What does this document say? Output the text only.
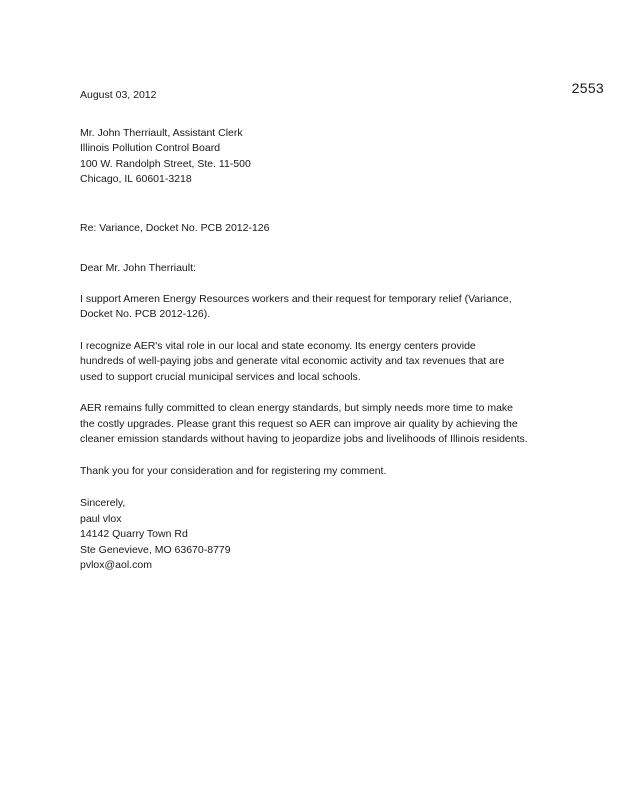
2553
August 03, 2012
Mr. John Therriault, Assistant Clerk
Illinois Pollution Control Board
100 W. Randolph Street, Ste. 11-500
Chicago, IL 60601-3218
Re: Variance, Docket No. PCB 2012-126
Dear Mr. John Therriault:
I support Ameren Energy Resources workers and their request for temporary relief (Variance,
Docket No. PCB 2012-126).
I recognize AER's vital role in our local and state economy. Its energy centers provide
hundreds of well-paying jobs and generate vital economic activity and tax revenues that are
used to support crucial municipal services and local schools.
AER remains fully committed to clean energy standards, but simply needs more time to make
the costly upgrades. Please grant this request so AER can improve air quality by achieving the
cleaner emission standards without having to jeopardize jobs and livelihoods of Illinois residents.
Thank you for your consideration and for registering my comment.
Sincerely,
paul vlox
14142 Quarry Town Rd
Ste Genevieve, MO 63670-8779
pvlox@aol.com
